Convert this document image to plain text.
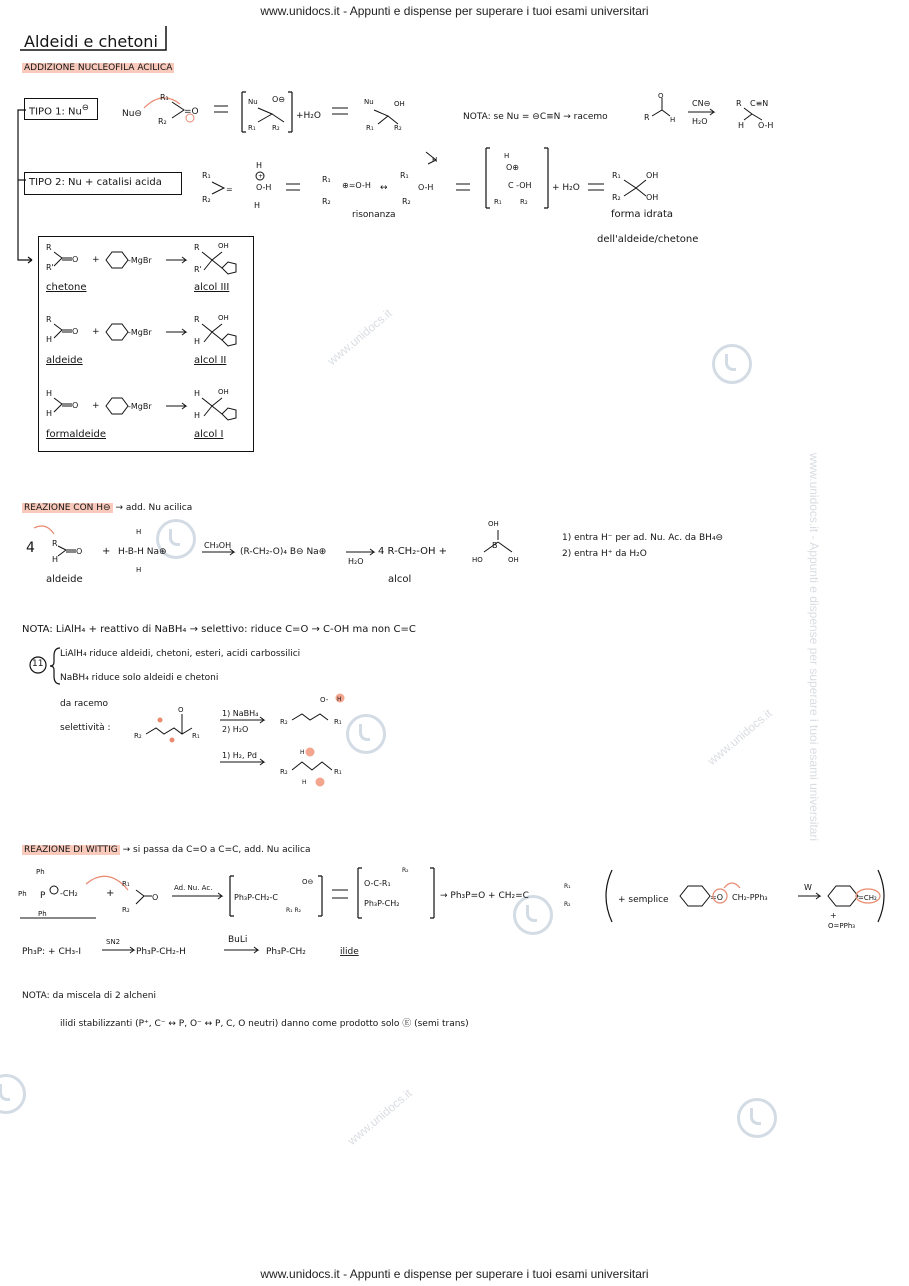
www.unidocs.it - Appunti e dispense per superare i tuoi esami universitari
www.unidocs.it
www.unidocs.it
www.unidocs.it
www.unidocs.it - Appunti e dispense per superare i tuoi esami universitari
www.unidocs.it - Appunti e dispense per superare i tuoi esami universitari
Aldeidi e chetoni
ADDIZIONE NUCLEOFILA ACILICA
TIPO 1: Nu⊖
Nu⊖
R₁
R₂
=O
Nu O⊖
R₁ R₂
+H₂O
Nu	OH
R₁	R₂
NOTA: se Nu = ⊖C≡N → racemo	R
O
H
CN⊖
H₂O
R C≡N
H O-H
TIPO 2: Nu + catalisi acida
R₁
R₂
=
H
+
O-H
H
R₁
⊕=O-H
R₂
↔
R₁
H
O-H
R₂
H
O⊕
C -OH
R₁	R₂
+ H₂O
risonanza
R₁
R₂
OH
OH
forma idrata
dell'aldeide/chetone
R
R'
O +	-MgBr
R	OH
R'
chetone	alcol III
R
H
O +	-MgBr
R	OH
H
aldeide	alcol II
H
H
O +	-MgBr
H	OH
H
formaldeide	alcol I
REAZIONE CON H⊖ → add. Nu acilica
4 R
H
O + H-B-H Na⊕
H
H
CH₃OH
(R-CH₂-O)₄ B⊖ Na⊕
H₂O
4 R-CH₂-OH +
OH
B
HO	OH
aldeide	alcol
1) entra H⁻ per ad. Nu. Ac. da BH₄⊖
2) entra H⁺ da H₂O
NOTA: LiAlH₄ + reattivo di NaBH₄ → selettivo: riduce C=O → C-OH ma non C=C
11
LiAlH₄ riduce aldeidi, chetoni, esteri, acidi carbossilici
NaBH₄ riduce solo aldeidi e chetoni
da racemo
selettività :
R₂
O
R₁
1) NaBH₄
2) H₂O
R₂
O- H
R₁
1) H₂, Pd
R₂	R₁
H
H
REAZIONE DI WITTIG → si passa da C=O a C=C, add. Nu acilica
Ph
Ph
P -CH₂
Ph
+
R₁
R₂
O
Ad. Nu. Ac.
Ph₃P-CH₂-C
O⊖
R₁ R₂
O-C-R₁
Ph₃P-CH₂
R₂
→ Ph₃P=O + CH₂=C
R₁
R₂	+ semplice	=O CH₂-PPh₃
W
=CH₂
+
O=PPh₃
Ph₃P: + CH₃-I
SN2
Ph₃P-CH₂-H
BuLi
Ph₃P-CH₂	ilide
NOTA: da miscela di 2 alcheni
ilidi stabilizzanti (P⁺, C⁻ ↔ P, O⁻ ↔ P, C, O neutri) danno come prodotto solo Ⓔ (semi trans)
